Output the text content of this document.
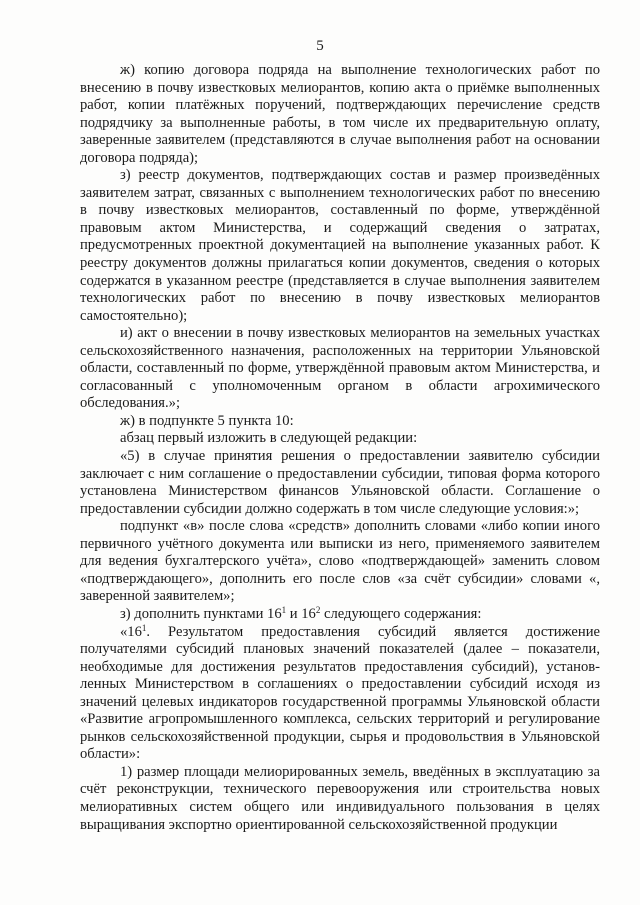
5

ж) копию договора подряда на выполнение технологических работ по внесению в почву известковых мелиорантов, копию акта о приёмке выполненных работ, копии платёжных поручений, подтверждающих перечисление средств подрядчику за выполненные работы, в том числе их предварительную оплату, заверенные заявителем (представляются в случае выполнения работ на основании договора подряда);

з) реестр документов, подтверждающих состав и размер произведённых заявителем затрат, связанных с выполнением технологических работ по внесению в почву известковых мелиорантов, составленный по форме, утверждённой правовым актом Министерства, и содержащий сведения о затратах, предусмотренных проектной документацией на выполнение указанных работ. К реестру документов должны прилагаться копии документов, сведения о которых содержатся в указанном реестре (представляется в случае выполнения заявителем технологических работ по внесению в почву известковых мелиорантов самостоятельно);

и) акт о внесении в почву известковых мелиорантов на земельных участках сельскохозяйственного назначения, расположенных на территории Ульяновской области, составленный по форме, утверждённой правовым актом Министерства, и согласованный с уполномоченным органом в области агрохимического обследования.»;

ж) в подпункте 5 пункта 10:

абзац первый изложить в следующей редакции:

«5) в случае принятия решения о предоставлении заявителю субсидии заключает с ним соглашение о предоставлении субсидии, типовая форма которого установлена Министерством финансов Ульяновской области. Соглашение о предоставлении субсидии должно содержать в том числе следующие условия:»;

подпункт «в» после слова «средств» дополнить словами «либо копии иного первичного учётного документа или выписки из него, применяемого заявителем для ведения бухгалтерского учёта», слово «подтверждающей» заменить словом «подтверждающего», дополнить его после слов «за счёт субсидии» словами «, заверенной заявителем»;

з) дополнить пунктами $16^1$ и $16^2$ следующего содержания:

«$16^1$. Результатом предоставления субсидий является достижение получателями субсидий плановых значений показателей (далее – показатели, необходимые для достижения результатов предоставления субсидий), установ-ленных Министерством в соглашениях о предоставлении субсидий исходя из значений целевых индикаторов государственной программы Ульяновской области «Развитие агропромышленного комплекса, сельских территорий и регулирование рынков сельскохозяйственной продукции, сырья и продовольствия в Ульяновской области»:

1) размер площади мелиорированных земель, введённых в эксплуатацию за счёт реконструкции, технического перевооружения или строительства новых мелиоративных систем общего или индивидуального пользования в целях выращивания экспортно ориентированной сельскохозяйственной продукции
